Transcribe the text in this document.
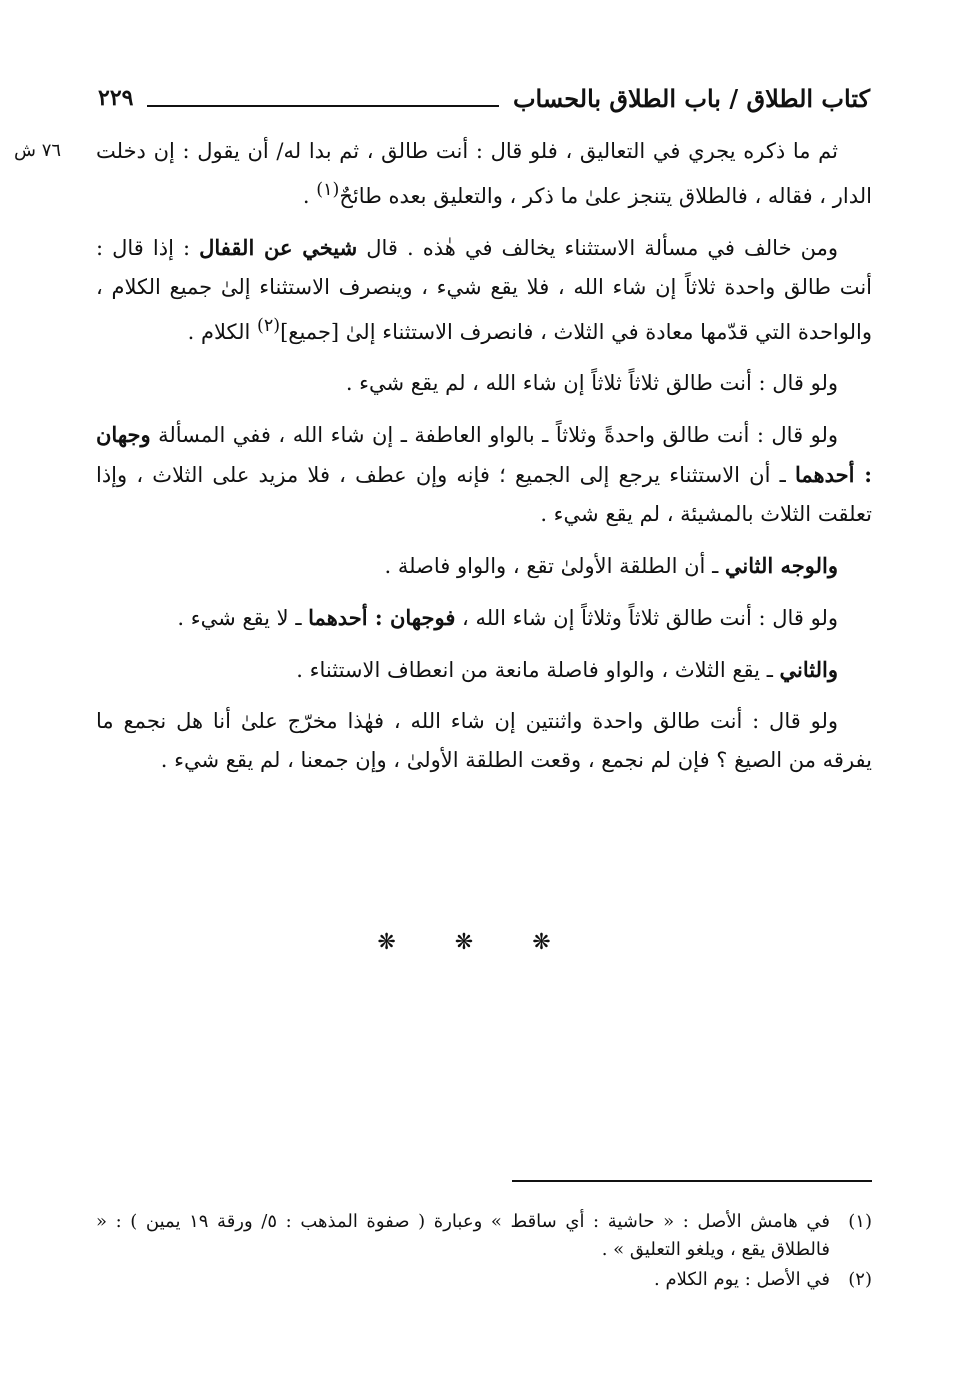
كتاب الطلاق / باب الطلاق بالحساب
٢٢٩
٧٦ ش ثم ما ذكره يجري في التعاليق ، فلو قال : أنت طالق ، ثم بدا له/ أن يقول : إن دخلت الدار ، فقاله ، فالطلاق يتنجز علىٰ ما ذكر ، والتعليق بعده طائحٌ$^{(١)}$ .

ومن خالف في مسألة الاستثناء يخالف في هٰذه . قال شيخي عن القفال : إذا قال : أنت طالق واحدة ثلاثاً إن شاء الله ، فلا يقع شيء ، وينصرف الاستثناء إلىٰ جميع الكلام ، والواحدة التي قدّمها معادة في الثلاث ، فانصرف الاستثناء إلىٰ [جميع]$^{(٢)}$ الكلام .

ولو قال : أنت طالق ثلاثاً ثلاثاً إن شاء الله ، لم يقع شيء .

ولو قال : أنت طالق واحدةً وثلاثاً ـ بالواو العاطفة ـ إن شاء الله ، ففي المسألة وجهان : أحدهما ـ أن الاستثناء يرجع إلى الجميع ؛ فإنه وإن عطف ، فلا مزيد على الثلاث ، وإذا تعلقت الثلاث بالمشيئة ، لم يقع شيء .

والوجه الثاني ـ أن الطلقة الأولىٰ تقع ، والواو فاصلة .

ولو قال : أنت طالق ثلاثاً وثلاثاً إن شاء الله ، فوجهان : أحدهما ـ لا يقع شيء .

والثاني ـ يقع الثلاث ، والواو فاصلة مانعة من انعطاف الاستثناء .

ولو قال : أنت طالق واحدة واثنتين إن شاء الله ، فهٰذا مخرّج علىٰ أنا هل نجمع ما يفرقه من الصيغ ؟ فإن لم نجمع ، وقعت الطلقة الأولىٰ ، وإن جمعنا ، لم يقع شيء .

❋ ❋ ❋
(١)
في هامش الأصل : « حاشية : أي ساقط » وعبارة ( صفوة المذهب : ٥/ ورقة ١٩ يمين ) : « فالطلاق يقع ، ويلغو التعليق » .
(٢)
في الأصل : يوم الكلام .
